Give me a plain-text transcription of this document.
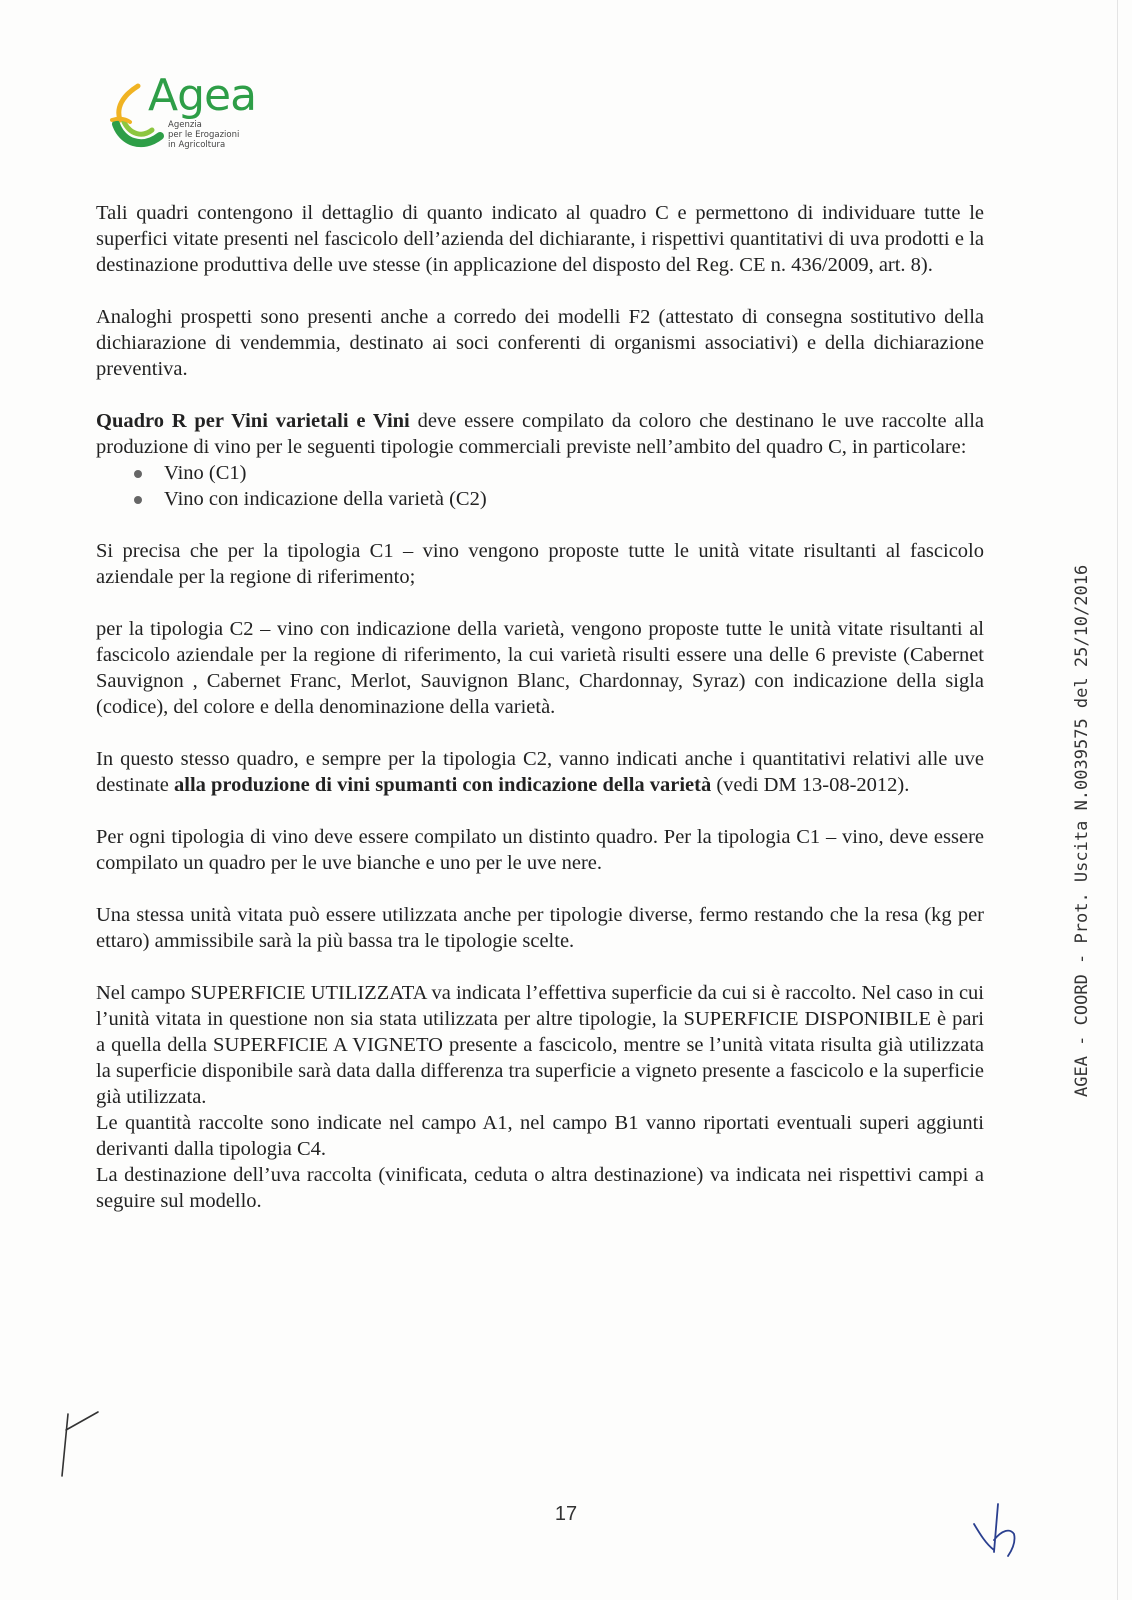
Agea
Agenzia
per le Erogazioni
in Agricoltura

Tali quadri contengono il dettaglio di quanto indicato al quadro C e permettono di individuare tutte le superfici vitate presenti nel fascicolo dell’azienda del dichiarante, i rispettivi quantitativi di uva prodotti e la destinazione produttiva delle uve stesse (in applicazione del disposto del Reg. CE n. 436/2009, art. 8).

Analoghi prospetti sono presenti anche a corredo dei modelli F2 (attestato di consegna sostitutivo della dichiarazione di vendemmia, destinato ai soci conferenti di organismi associativi) e della dichiarazione preventiva.

Quadro R per Vini varietali e Vini deve essere compilato da coloro che destinano le uve raccolte alla produzione di vino per le seguenti tipologie commerciali previste nell’ambito del quadro C, in particolare:

Vino (C1)
Vino con indicazione della varietà (C2)

Si precisa che per la tipologia C1 – vino vengono proposte tutte le unità vitate risultanti al fascicolo aziendale per la regione di riferimento;

per la tipologia C2 – vino con indicazione della varietà, vengono proposte tutte le unità vitate risultanti al fascicolo aziendale per la regione di riferimento, la cui varietà risulti essere una delle 6 previste (Cabernet Sauvignon , Cabernet Franc, Merlot, Sauvignon Blanc, Chardonnay, Syraz) con indicazione della sigla (codice), del colore e della denominazione della varietà.

In questo stesso quadro, e sempre per la tipologia C2, vanno indicati anche i quantitativi relativi alle uve destinate alla produzione di vini spumanti con indicazione della varietà (vedi DM 13-08-2012).

Per ogni tipologia di vino deve essere compilato un distinto quadro. Per la tipologia C1 – vino, deve essere compilato un quadro per le uve bianche e uno per le uve nere.

Una stessa unità vitata può essere utilizzata anche per tipologie diverse, fermo restando che la resa (kg per ettaro) ammissibile sarà la più bassa tra le tipologie scelte.

Nel campo SUPERFICIE UTILIZZATA va indicata l’effettiva superficie da cui si è raccolto. Nel caso in cui l’unità vitata in questione non sia stata utilizzata per altre tipologie, la SUPERFICIE DISPONIBILE è pari a quella della SUPERFICIE A VIGNETO presente a fascicolo, mentre se l’unità vitata risulta già utilizzata la superficie disponibile sarà data dalla differenza tra superficie a vigneto presente a fascicolo e la superficie già utilizzata.

Le quantità raccolte sono indicate nel campo A1, nel campo B1 vanno riportati eventuali superi aggiunti derivanti dalla tipologia C4.

La destinazione dell’uva raccolta (vinificata, ceduta o altra destinazione) va indicata nei rispettivi campi a seguire sul modello.

AGEA - COORD - Prot. Uscita N.0039575 del 25/10/2016
17
